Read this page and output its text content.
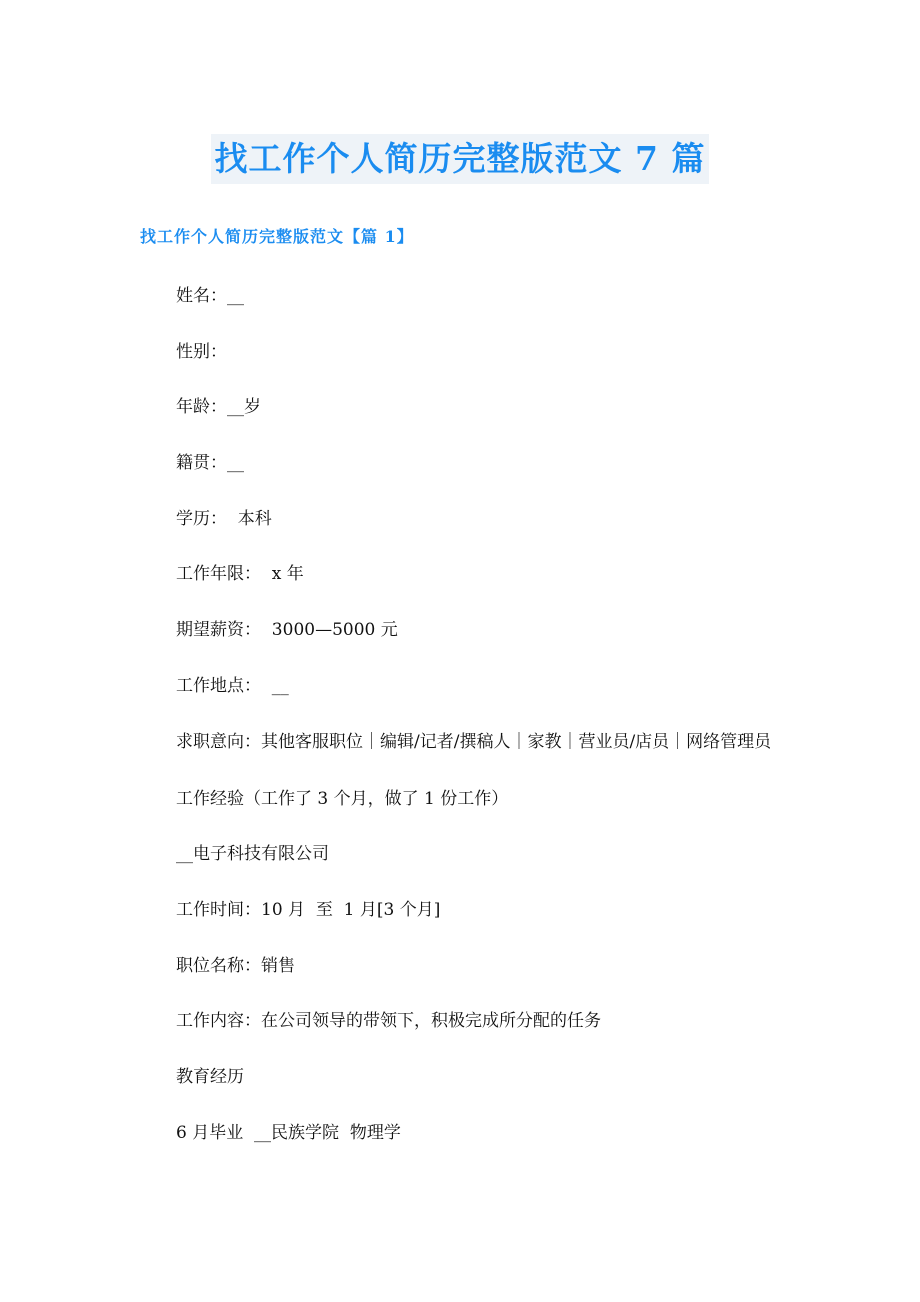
找工作个人简历完整版范文 7 篇
找工作个人简历完整版范文【篇 1】

姓名：__

性别：

年龄：__岁

籍贯：__

学历：  本科

工作年限：  x 年

期望薪资：  3000—5000 元

工作地点：  __

求职意向：其他客服职位｜编辑/记者/撰稿人｜家教｜营业员/店员｜网络管理员

工作经验（工作了 3 个月，做了 1 份工作）

__电子科技有限公司

工作时间：10 月  至  1 月[3 个月]

职位名称：销售

工作内容：在公司领导的带领下，积极完成所分配的任务

教育经历

6 月毕业  __民族学院  物理学
